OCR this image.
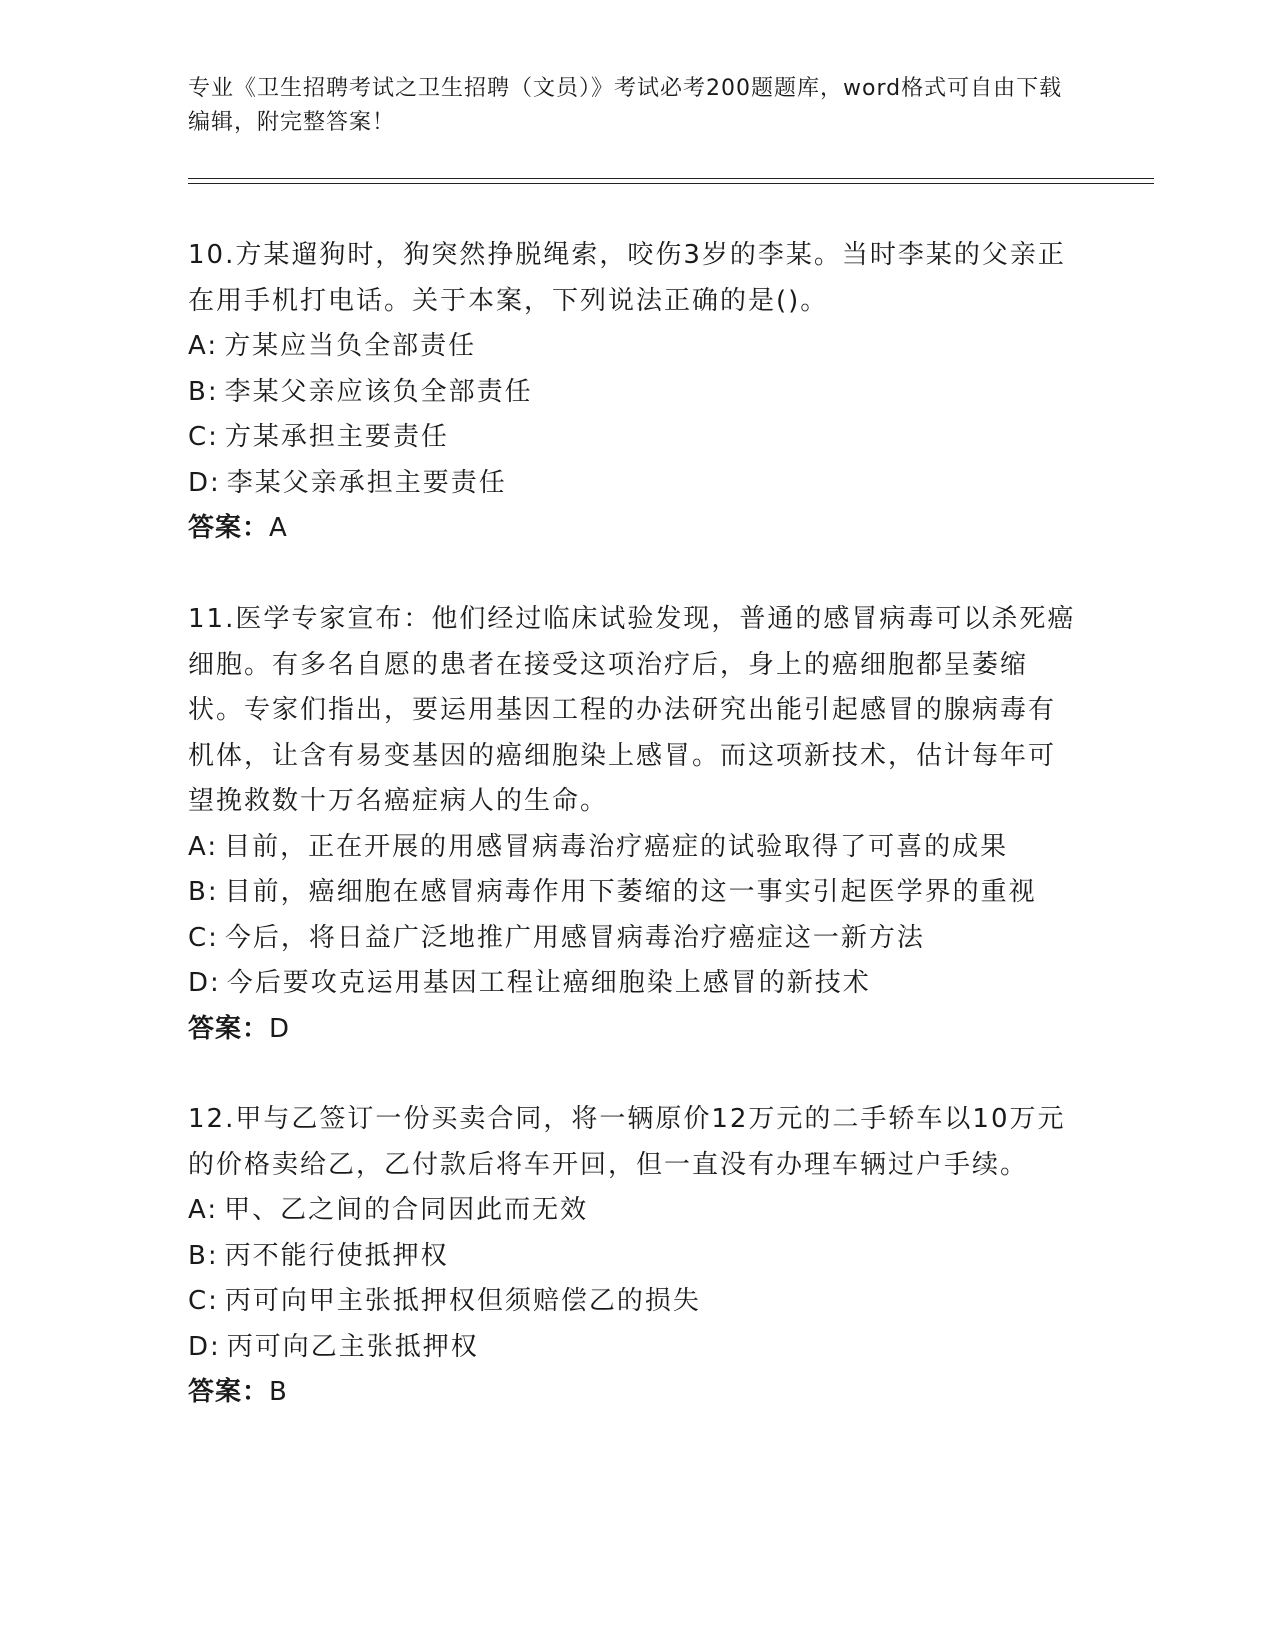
专业《卫生招聘考试之卫生招聘（文员）》考试必考200题题库，word格式可自由下载编辑，附完整答案！

10.方某遛狗时，狗突然挣脱绳索，咬伤3岁的李某。当时李某的父亲正在用手机打电话。关于本案，下列说法正确的是()。

A: 方某应当负全部责任

B: 李某父亲应该负全部责任

C: 方某承担主要责任

D: 李某父亲承担主要责任

答案：A

11.医学专家宣布：他们经过临床试验发现，普通的感冒病毒可以杀死癌细胞。有多名自愿的患者在接受这项治疗后，身上的癌细胞都呈萎缩状。专家们指出，要运用基因工程的办法研究出能引起感冒的腺病毒有机体，让含有易变基因的癌细胞染上感冒。而这项新技术，估计每年可望挽救数十万名癌症病人的生命。

A: 目前，正在开展的用感冒病毒治疗癌症的试验取得了可喜的成果

B: 目前，癌细胞在感冒病毒作用下萎缩的这一事实引起医学界的重视

C: 今后，将日益广泛地推广用感冒病毒治疗癌症这一新方法

D: 今后要攻克运用基因工程让癌细胞染上感冒的新技术

答案：D

12.甲与乙签订一份买卖合同，将一辆原价12万元的二手轿车以10万元的价格卖给乙，乙付款后将车开回，但一直没有办理车辆过户手续。

A: 甲、乙之间的合同因此而无效

B: 丙不能行使抵押权

C: 丙可向甲主张抵押权但须赔偿乙的损失

D: 丙可向乙主张抵押权

答案：B
